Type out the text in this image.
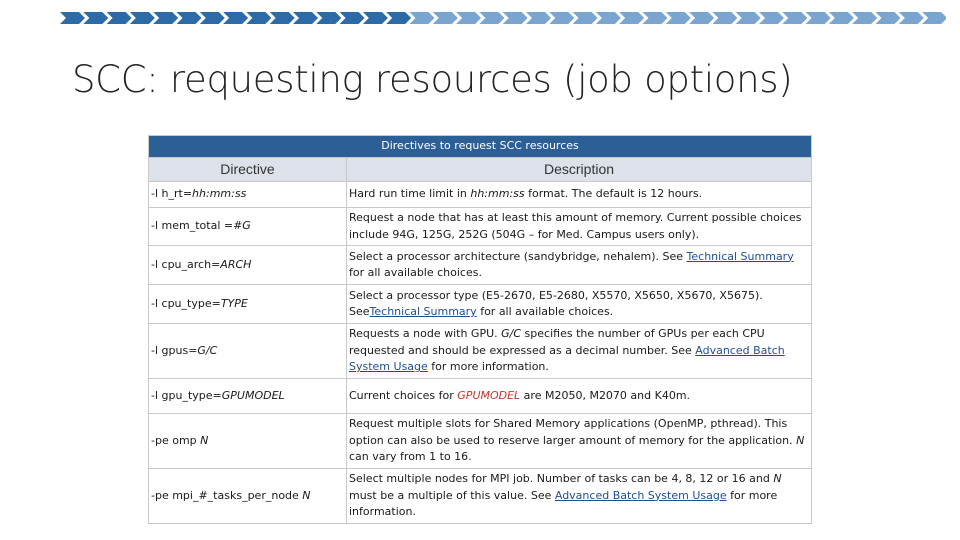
SCC: requesting resources (job options)
Directives to request SCC resources	
Directive	Description
-l h_rt=hh:mm:ss	Hard run time limit in hh:mm:ss format. The default is 12 hours.
-l mem_total =#G	Request a node that has at least this amount of memory. Current possible choices include 94G, 125G, 252G (504G – for Med. Campus users only).
-l cpu_arch=ARCH	Select a processor architecture (sandybridge, nehalem). See Technical Summary for all available choices.
-l cpu_type=TYPE	Select a processor type (E5-2670, E5-2680, X5570, X5650, X5670, X5675). SeeTechnical Summary for all available choices.
-l gpus=G/C	Requests a node with GPU. G/C specifies the number of GPUs per each CPU requested and should be expressed as a decimal number. See Advanced Batch System Usage for more information.
-l gpu_type=GPUMODEL	Current choices for GPUMODEL are M2050, M2070 and K40m.
-pe omp N	Request multiple slots for Shared Memory applications (OpenMP, pthread). This option can also be used to reserve larger amount of memory for the application. N can vary from 1 to 16.
-pe mpi_#_tasks_per_node N	Select multiple nodes for MPI job. Number of tasks can be 4, 8, 12 or 16 and N must be a multiple of this value. See Advanced Batch System Usage for more information.
